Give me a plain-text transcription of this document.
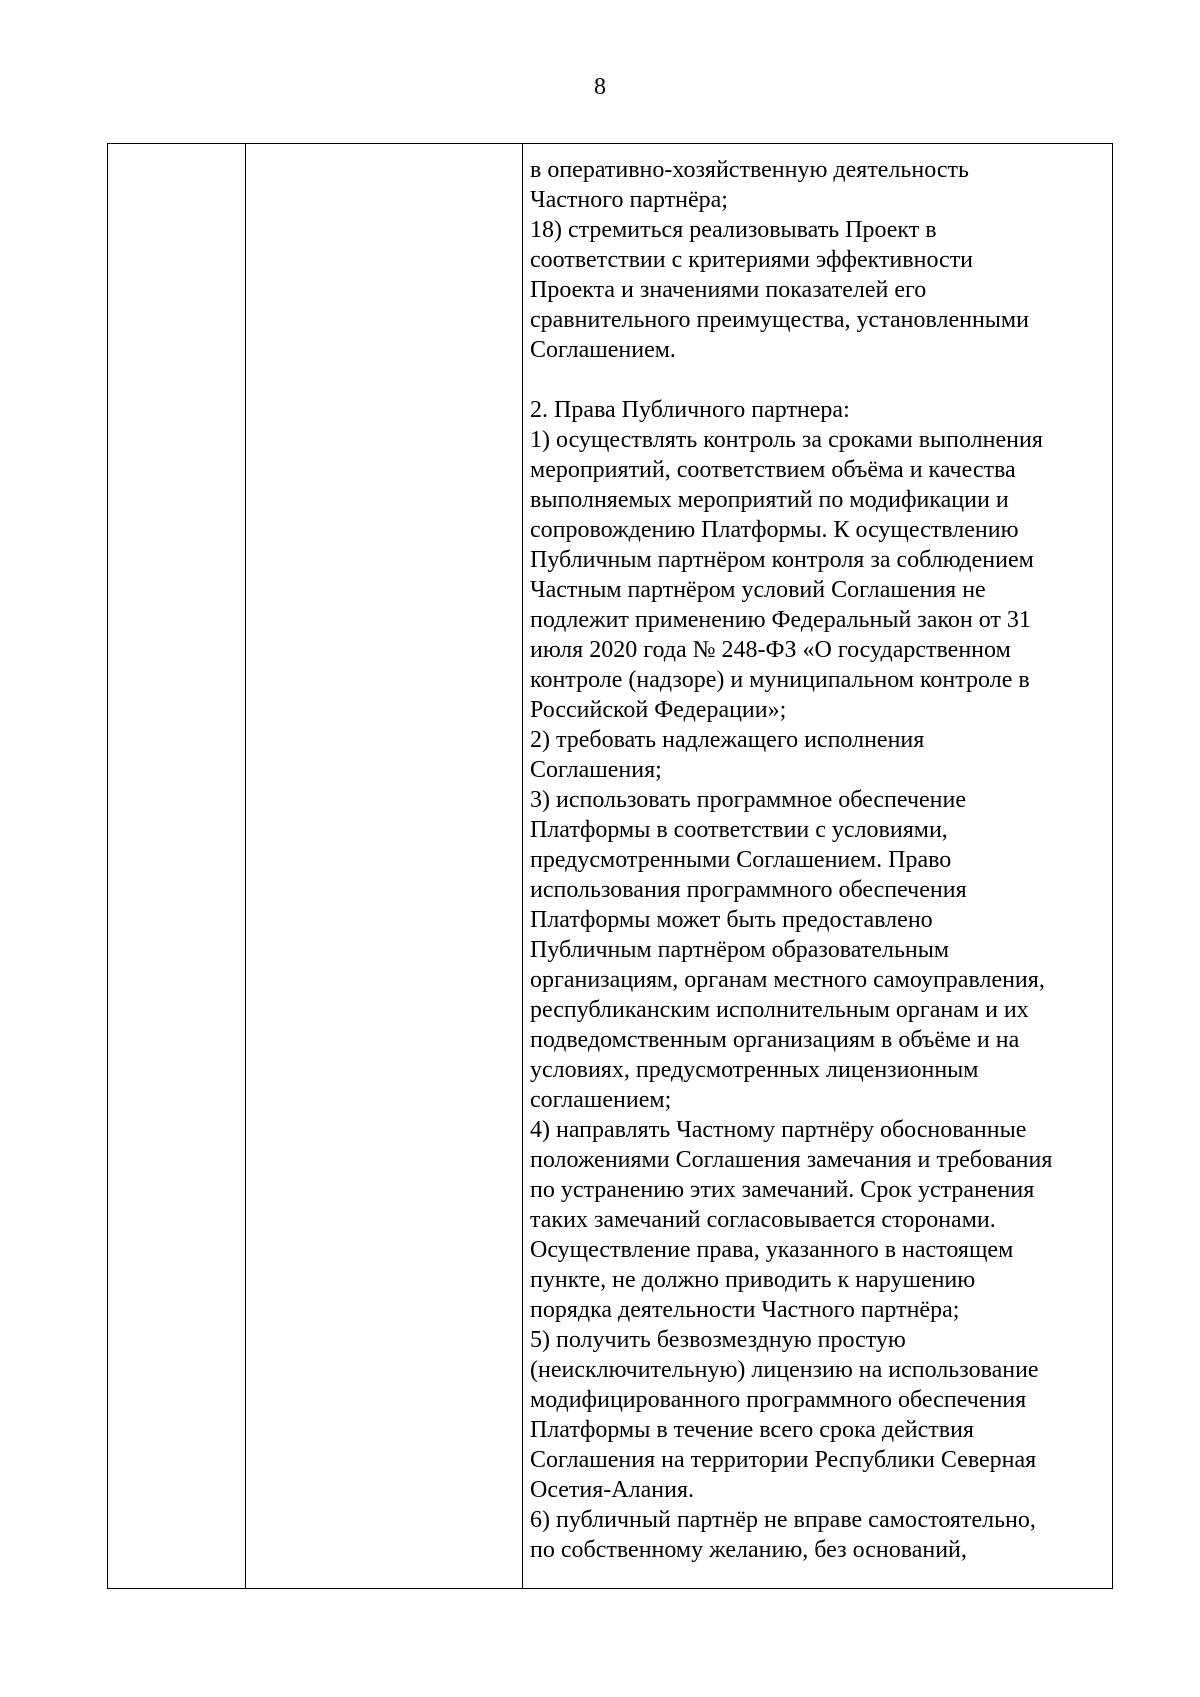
8

в оперативно-хозяйственную деятельность
Частного партнёра;
18) стремиться реализовывать Проект в
соответствии с критериями эффективности
Проекта и значениями показателей его
сравнительного преимущества, установленными
Соглашением.
2. Права Публичного партнера:
1) осуществлять контроль за сроками выполнения
мероприятий, соответствием объёма и качества
выполняемых мероприятий по модификации и
сопровождению Платформы. К осуществлению
Публичным партнёром контроля за соблюдением
Частным партнёром условий Соглашения не
подлежит применению Федеральный закон от 31
июля 2020 года № 248-ФЗ «О государственном
контроле (надзоре) и муниципальном контроле в
Российской Федерации»;
2) требовать надлежащего исполнения
Соглашения;
3) использовать программное обеспечение
Платформы в соответствии с условиями,
предусмотренными Соглашением. Право
использования программного обеспечения
Платформы может быть предоставлено
Публичным партнёром образовательным
организациям, органам местного самоуправления,
республиканским исполнительным органам и их
подведомственным организациям в объёме и на
условиях, предусмотренных лицензионным
соглашением;
4) направлять Частному партнёру обоснованные
положениями Соглашения замечания и требования
по устранению этих замечаний. Срок устранения
таких замечаний согласовывается сторонами.
Осуществление права, указанного в настоящем
пункте, не должно приводить к нарушению
порядка деятельности Частного партнёра;
5) получить безвозмездную простую
(неисключительную) лицензию на использование
модифицированного программного обеспечения
Платформы в течение всего срока действия
Соглашения на территории Республики Северная
Осетия-Алания.
6) публичный партнёр не вправе самостоятельно,
по собственному желанию, без оснований,
